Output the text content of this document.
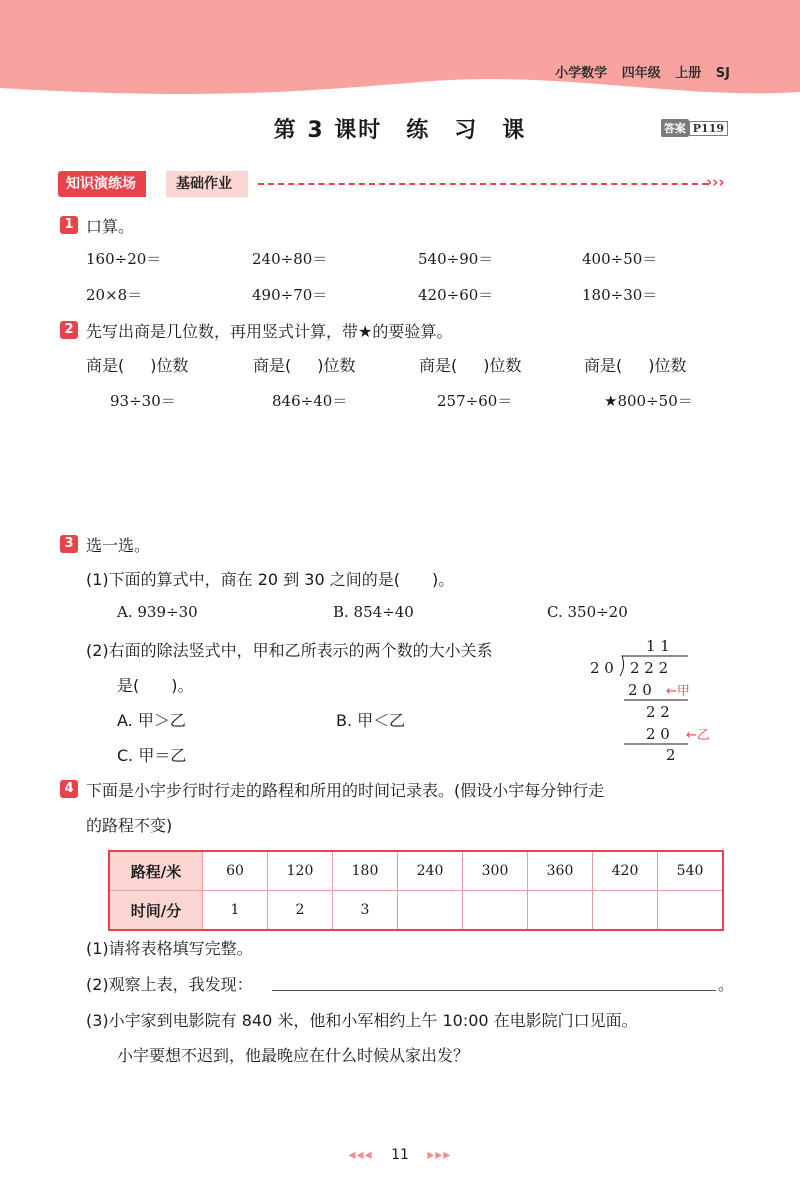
小学数学 四年级 上册 SJ
第 3 课时　练　习　课	答案 P119
知识演练场	基础作业	›››
1 口算。
160÷20＝	240÷80＝	540÷90＝	400÷50＝
20×8＝	490÷70＝	420÷60＝	180÷30＝
2 先写出商是几位数，再用竖式计算，带★的要验算。
商是( )位数	商是( )位数	商是( )位数	商是( )位数
93÷30＝	846÷40＝	257÷60＝	★800÷50＝
3 选一选。
(1)下面的算式中，商在 20 到 30 之间的是(　　)。
A. 939÷30	B. 854÷40	C. 350÷20
(2)右面的除法竖式中，甲和乙所表示的两个数的大小关系
是(　　)。
A. 甲＞乙	B. 甲＜乙
C. 甲＝乙
1 1
2 0 2 2 2
2 0
2 2
2 0
2
←甲
←乙
4 下面是小宇步行时行走的路程和所用的时间记录表。(假设小宇每分钟行走
的路程不变)
路程/米	60	120	180	240	300	360	420	540
时间/分	1	2	3					
(1)请将表格填写完整。
(2)观察上表，我发现：	。
(3)小宇家到电影院有 840 米，他和小军相约上午 10:00 在电影院门口见面。
小宇要想不迟到，他最晚应在什么时候从家出发？
◂◂◂ 11 ▸▸▸
